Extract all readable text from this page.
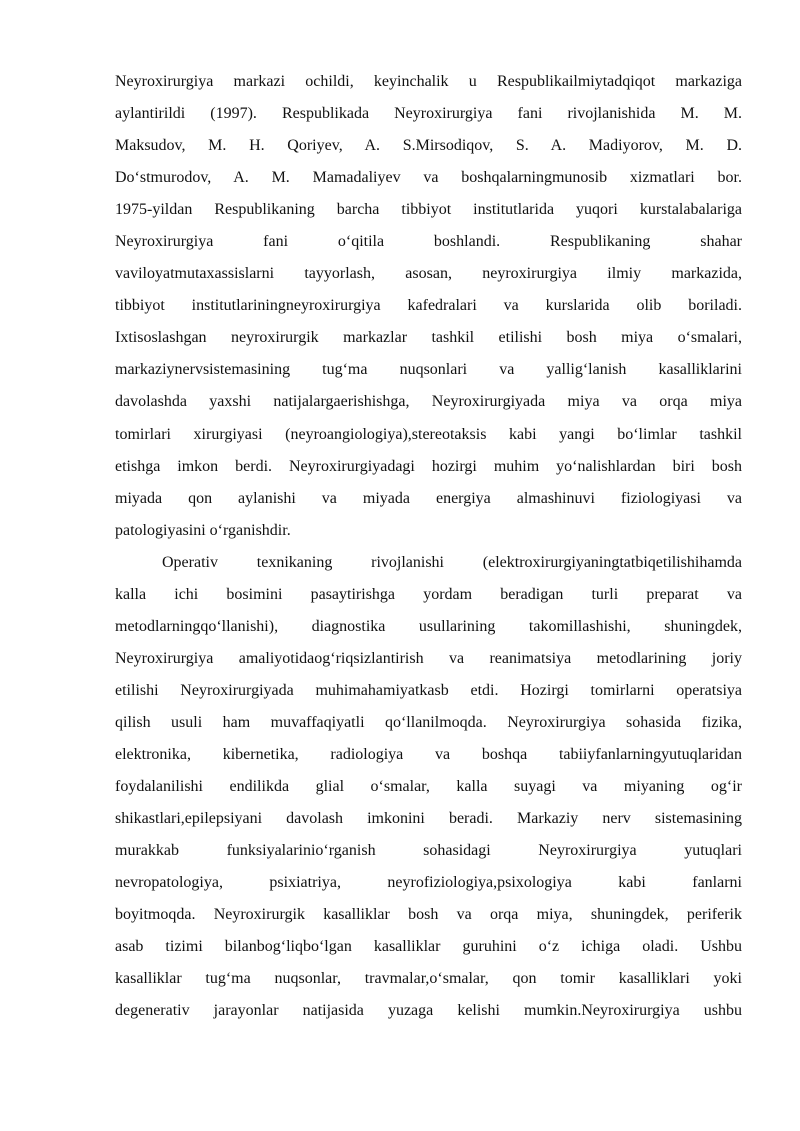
Neyroxirurgiya markazi ochildi, keyinchalik u Respublikailmiytadqiqot markaziga
aylantirildi (1997). Respublikada Neyroxirurgiya fani rivojlanishida M. M.
Maksudov, M. H. Qoriyev, A. S.Mirsodiqov, S. A. Madiyorov, M. D.
Do‘stmurodov, A. M. Mamadaliyev va boshqalarningmunosib xizmatlari bor.
1975-yildan Respublikaning barcha tibbiyot institutlarida yuqori kurstalabalariga
Neyroxirurgiya fani o‘qitila boshlandi. Respublikaning shahar
vaviloyatmutaxassislarni tayyorlash, asosan, neyroxirurgiya ilmiy markazida,
tibbiyot institutlariningneyroxirurgiya kafedralari va kurslarida olib boriladi.
Ixtisoslashgan neyroxirurgik markazlar tashkil etilishi bosh miya o‘smalari,
markaziynervsistemasining tug‘ma nuqsonlari va yallig‘lanish kasalliklarini
davolashda yaxshi natijalargaerishishga, Neyroxirurgiyada miya va orqa miya
tomirlari xirurgiyasi (neyroangiologiya),stereotaksis kabi yangi bo‘limlar tashkil
etishga imkon berdi. Neyroxirurgiyadagi hozirgi muhim yo‘nalishlardan biri bosh
miyada qon aylanishi va miyada energiya almashinuvi fiziologiyasi va
patologiyasini o‘rganishdir.
Operativ texnikaning rivojlanishi (elektroxirurgiyaningtatbiqetilishihamda
kalla ichi bosimini pasaytirishga yordam beradigan turli preparat va
metodlarningqo‘llanishi), diagnostika usullarining takomillashishi, shuningdek,
Neyroxirurgiya amaliyotidaog‘riqsizlantirish va reanimatsiya metodlarining joriy
etilishi Neyroxirurgiyada muhimahamiyatkasb etdi. Hozirgi tomirlarni operatsiya
qilish usuli ham muvaffaqiyatli qo‘llanilmoqda. Neyroxirurgiya sohasida fizika,
elektronika, kibernetika, radiologiya va boshqa tabiiyfanlarningyutuqlaridan
foydalanilishi endilikda glial o‘smalar, kalla suyagi va miyaning og‘ir
shikastlari,epilepsiyani davolash imkonini beradi. Markaziy nerv sistemasining
murakkab funksiyalarinio‘rganish sohasidagi Neyroxirurgiya yutuqlari
nevropatologiya, psixiatriya, neyrofiziologiya,psixologiya kabi fanlarni
boyitmoqda. Neyroxirurgik kasalliklar bosh va orqa miya, shuningdek, periferik
asab tizimi bilanbog‘liqbo‘lgan kasalliklar guruhini o‘z ichiga oladi. Ushbu
kasalliklar tug‘ma nuqsonlar, travmalar,o‘smalar, qon tomir kasalliklari yoki
degenerativ jarayonlar natijasida yuzaga kelishi mumkin.Neyroxirurgiya ushbu
